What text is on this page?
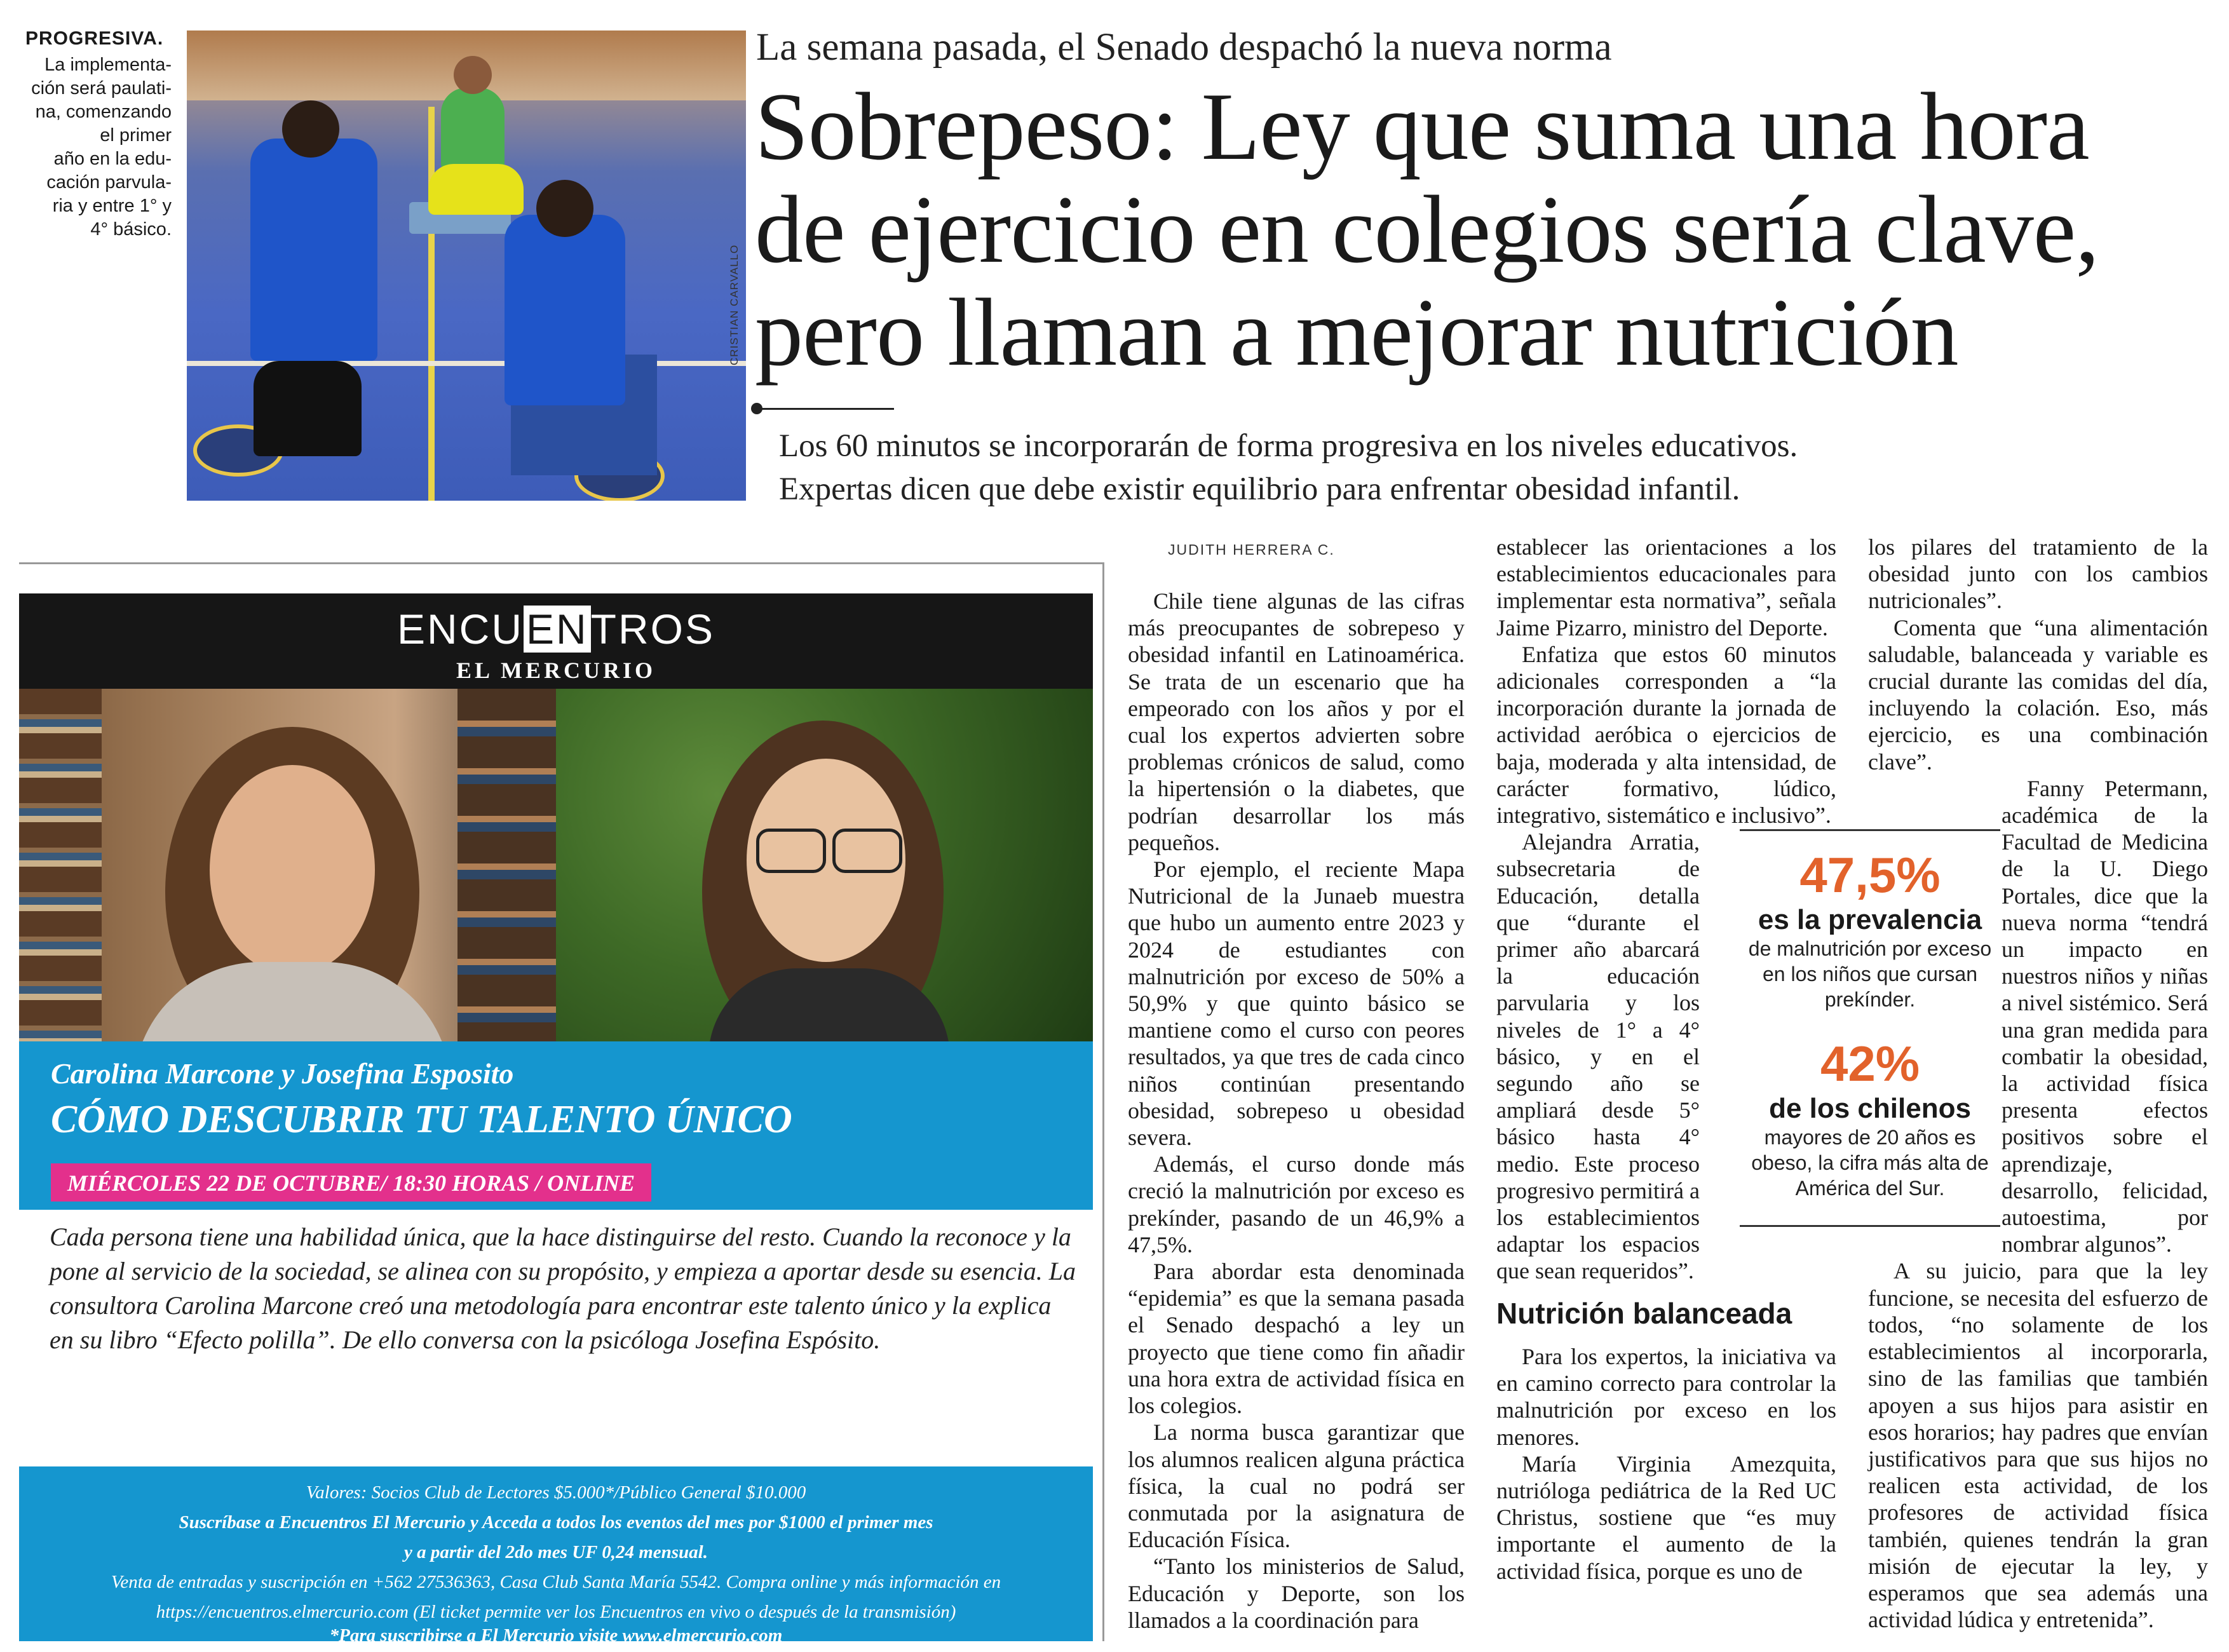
PROGRESIVA.
La implementa-
ción será paulati-
na, comenzando el primer
año en la edu-
cación parvula-
ria y entre 1° y
4° básico.
CRISTIAN CARVALLO
La semana pasada, el Senado despachó la nueva norma
Sobrepeso: Ley que suma una hora
de ejercicio en colegios sería clave,
pero llaman a mejorar nutrición
Los 60 minutos se incorporarán de forma progresiva en los niveles educativos.
Expertas dicen que debe existir equilibrio para enfrentar obesidad infantil.
ENCUENTROS
EL MERCURIO
Carolina Marcone y Josefina Esposito
CÓMO DESCUBRIR TU TALENTO ÚNICO
MIÉRCOLES 22 DE OCTUBRE/ 18:30 HORAS / ONLINE
Cada persona tiene una habilidad única, que la hace distinguirse del resto. Cuando la reconoce y la pone al servicio de la sociedad, se alinea con su propósito, y empieza a aportar desde su esencia. La consultora Carolina Marcone creó una metodología para encontrar este talento único y la explica en su libro “Efecto polilla”. De ello conversa con la psicóloga Josefina Espósito.
Valores: Socios Club de Lectores $5.000*/Público General $10.000
Suscríbase a Encuentros El Mercurio y Acceda a todos los eventos del mes por $1000 el primer mes
y a partir del 2do mes UF 0,24 mensual.
Venta de entradas y suscripción en +562 27536363, Casa Club Santa María 5542. Compra online y más información en
https://encuentros.elmercurio.com (El ticket permite ver los Encuentros en vivo o después de la transmisión)
*Para suscribirse a El Mercurio visite www.elmercurio.com
JUDITH HERRERA C.

Chile tiene algunas de las cifras más preocupantes de sobrepeso y obesidad infantil en Latinoamérica. Se trata de un escenario que ha empeorado con los años y por el cual los expertos advierten sobre problemas crónicos de salud, como la hipertensión o la diabetes, que podrían desarrollar los más pequeños.

Por ejemplo, el reciente Mapa Nutricional de la Junaeb muestra que hubo un aumento entre 2023 y 2024 de estudiantes con malnutrición por exceso de 50% a 50,9% y que quinto básico se mantiene como el curso con peores resultados, ya que tres de cada cinco niños continúan presentando obesidad, sobrepeso u obesidad severa.

Además, el curso donde más creció la malnutrición por exceso es prekínder, pasando de un 46,9% a 47,5%.

Para abordar esta denominada “epidemia” es que la semana pasada el Senado despachó a ley un proyecto que tiene como fin añadir una hora extra de actividad física en los colegios.

La norma busca garantizar que los alumnos realicen alguna práctica física, la cual no podrá ser conmutada por la asignatura de Educación Física.

“Tanto los ministerios de Salud, Educación y Deporte, son los llamados a la coordinación para

establecer las orientaciones a los establecimientos educacionales para implementar esta normativa”, señala Jaime Pizarro, ministro del Deporte.

Enfatiza que estos 60 minutos adicionales corresponden a “la incorporación durante la jornada de actividad aeróbica o ejercicios de baja, moderada y alta intensidad, de carácter formativo, lúdico, integrativo, sistemático e inclusivo”.

Alejandra Arratia, subsecretaria de Educación, detalla que “durante el primer año abarcará la educación parvularia y los niveles de 1° a 4° básico, y en el segundo año se ampliará desde 5° básico hasta 4° medio. Este proceso progresivo permitirá a los establecimientos adaptar los espacios que sean requeridos”.

Nutrición balanceada

Para los expertos, la iniciativa va en camino correcto para controlar la malnutrición por exceso en los menores.

María Virginia Amezquita, nutrióloga pediátrica de la Red UC Christus, sostiene que “es muy importante el aumento de la actividad física, porque es uno de

los pilares del tratamiento de la obesidad junto con los cambios nutricionales”.

Comenta que “una alimentación saludable, balanceada y variable es crucial durante las comidas del día, incluyendo la colación. Eso, más ejercicio, es una combinación clave”.

Fanny Petermann, académica de la Facultad de Medicina de la U. Diego Portales, dice que la nueva norma “tendrá un impacto en nuestros niños y niñas a nivel sistémico. Será una gran medida para combatir la obesidad, la actividad física presenta efectos positivos sobre el aprendizaje, desarrollo, felicidad, autoestima, por nombrar algunos”.

A su juicio, para que la ley funcione, se necesita del esfuerzo de todos, “no solamente de los establecimientos al incorporarla, sino de las familias que también apoyen a sus hijos para asistir en esos horarios; hay padres que envían justificativos para que sus hijos no realicen esta actividad, de los profesores de actividad física también, quienes tendrán la gran misión de ejecutar la ley, y esperamos que sea además una actividad lúdica y entretenida”.

47,5%
es la prevalencia
de malnutrición por exceso en los niños que cursan prekínder.
42%
de los chilenos
mayores de 20 años es obeso, la cifra más alta de América del Sur.
